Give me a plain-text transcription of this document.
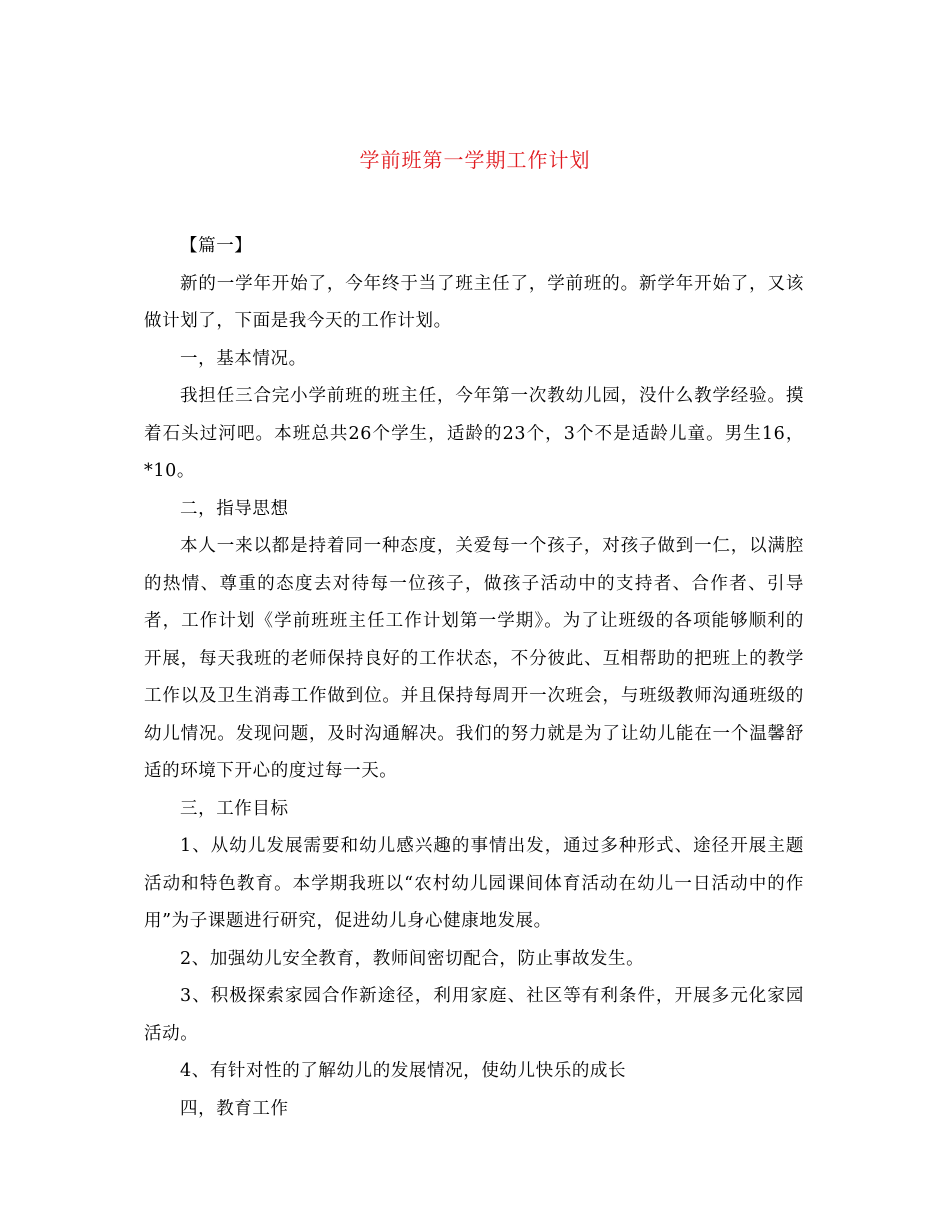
学前班第一学期工作计划

【篇一】

新的一学年开始了，今年终于当了班主任了，学前班的。新学年开始了，又该做计划了，下面是我今天的工作计划。

一，基本情况。

我担任三合完小学前班的班主任，今年第一次教幼儿园，没什么教学经验。摸着石头过河吧。本班总共26个学生，适龄的23个，3个不是适龄儿童。男生16，*10。

二，指导思想

本人一来以都是持着同一种态度，关爱每一个孩子，对孩子做到一仁，以满腔的热情、尊重的态度去对待每一位孩子，做孩子活动中的支持者、合作者、引导者，工作计划《学前班班主任工作计划第一学期》。为了让班级的各项能够顺利的开展，每天我班的老师保持良好的工作状态，不分彼此、互相帮助的把班上的教学工作以及卫生消毒工作做到位。并且保持每周开一次班会，与班级教师沟通班级的幼儿情况。发现问题，及时沟通解决。我们的努力就是为了让幼儿能在一个温馨舒适的环境下开心的度过每一天。

三，工作目标

1、从幼儿发展需要和幼儿感兴趣的事情出发，通过多种形式、途径开展主题活动和特色教育。本学期我班以“农村幼儿园课间体育活动在幼儿一日活动中的作用”为子课题进行研究，促进幼儿身心健康地发展。

2、加强幼儿安全教育，教师间密切配合，防止事故发生。

3、积极探索家园合作新途径，利用家庭、社区等有利条件，开展多元化家园活动。

4、有针对性的了解幼儿的发展情况，使幼儿快乐的成长

四，教育工作
